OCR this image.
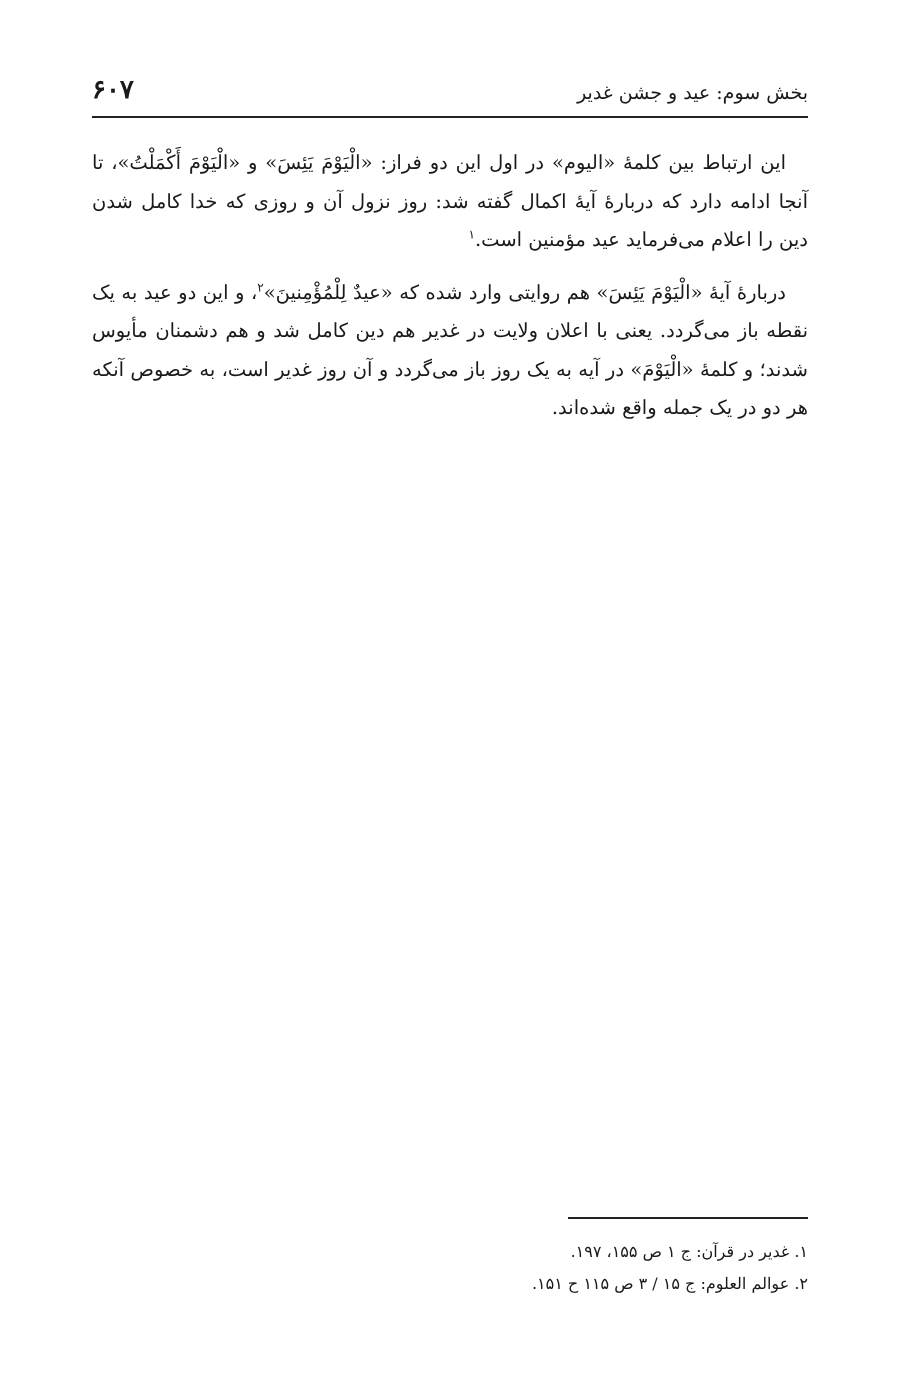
بخش سوم: عید و جشن غدیر
۶۰۷

این ارتباط بین کلمهٔ «الیوم» در اول این دو فراز: «الْیَوْمَ یَئِسَ» و «الْیَوْمَ أَکْمَلْتُ»، تا آنجا ادامه دارد که دربارهٔ آیهٔ اکمال گفته شد: روز نزول آن و روزی که خدا کامل شدن دین را اعلام می‌فرماید عید مؤمنین است.$^۱$

دربارهٔ آیهٔ «الْیَوْمَ یَئِسَ» هم روایتی وارد شده که «عیدٌ لِلْمُؤْمِنینَ»$^۲$، و این دو عید به یک نقطه باز می‌گردد. یعنی با اعلان ولایت در غدیر هم دین کامل شد و هم دشمنان مأیوس شدند؛ و کلمهٔ «الْیَوْمَ» در آیه به یک روز باز می‌گردد و آن روز غدیر است، به خصوص آنکه هر دو در یک جمله واقع شده‌اند.

۱. غدیر در قرآن: ج ۱ ص ۱۵۵، ۱۹۷.

۲. عوالم العلوم: ج ۱۵ / ۳ ص ۱۱۵ ح ۱۵۱.
